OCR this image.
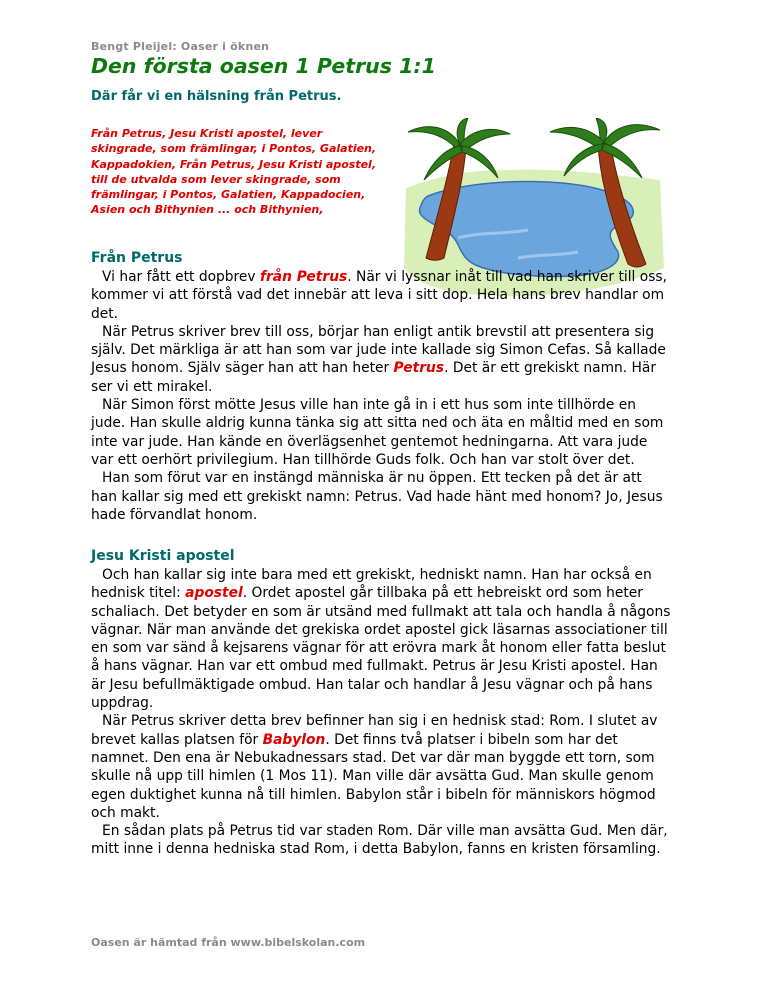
Bengt Pleijel: Oaser i öknen
Den första oasen 1 Petrus 1:1
Där får vi en hälsning från Petrus.
Från Petrus, Jesu Kristi apostel, lever skingrade, som främlingar, i Pontos, Galatien, Kappadokien, Från Petrus, Jesu Kristi apostel, till de utvalda som lever skingrade, som främlingar, i Pontos, Galatien, Kappadocien, Asien och Bithynien ... och Bithynien,
Från Petrus

Vi har fått ett dopbrev från Petrus. När vi lyssnar inåt till vad han skriver till oss, kommer vi att förstå vad det innebär att leva i sitt dop. Hela hans brev handlar om det.

När Petrus skriver brev till oss, börjar han enligt antik brevstil att presentera sig själv. Det märkliga är att han som var jude inte kallade sig Simon Cefas. Så kallade Jesus honom. Själv säger han att han heter Petrus. Det är ett grekiskt namn. Här ser vi ett mirakel.

När Simon först mötte Jesus ville han inte gå in i ett hus som inte tillhörde en jude. Han skulle aldrig kunna tänka sig att sitta ned och äta en måltid med en som inte var jude. Han kände en överlägsenhet gentemot hedningarna. Att vara jude var ett oerhört privilegium. Han tillhörde Guds folk. Och han var stolt över det.

Han som förut var en instängd människa är nu öppen. Ett tecken på det är att han kallar sig med ett grekiskt namn: Petrus. Vad hade hänt med honom? Jo, Jesus hade förvandlat honom.

Jesu Kristi apostel

Och han kallar sig inte bara med ett grekiskt, hedniskt namn. Han har också en hednisk titel: apostel. Ordet apostel går tillbaka på ett hebreiskt ord som heter schaliach. Det betyder en som är utsänd med fullmakt att tala och handla å någons vägnar. När man använde det grekiska ordet apostel gick läsarnas associationer till en som var sänd å kejsarens vägnar för att erövra mark åt honom eller fatta beslut å hans vägnar. Han var ett ombud med fullmakt. Petrus är Jesu Kristi apostel. Han är Jesu befullmäktigade ombud. Han talar och handlar å Jesu vägnar och på hans uppdrag.

När Petrus skriver detta brev befinner han sig i en hednisk stad: Rom. I slutet av brevet kallas platsen för Babylon. Det finns två platser i bibeln som har det namnet. Den ena är Nebukadnessars stad. Det var där man byggde ett torn, som skulle nå upp till himlen (1 Mos 11). Man ville där avsätta Gud. Man skulle genom egen duktighet kunna nå till himlen. Babylon står i bibeln för människors högmod och makt.

En sådan plats på Petrus tid var staden Rom. Där ville man avsätta Gud. Men där, mitt inne i denna hedniska stad Rom, i detta Babylon, fanns en kristen församling.

Oasen är hämtad från www.bibelskolan.com
